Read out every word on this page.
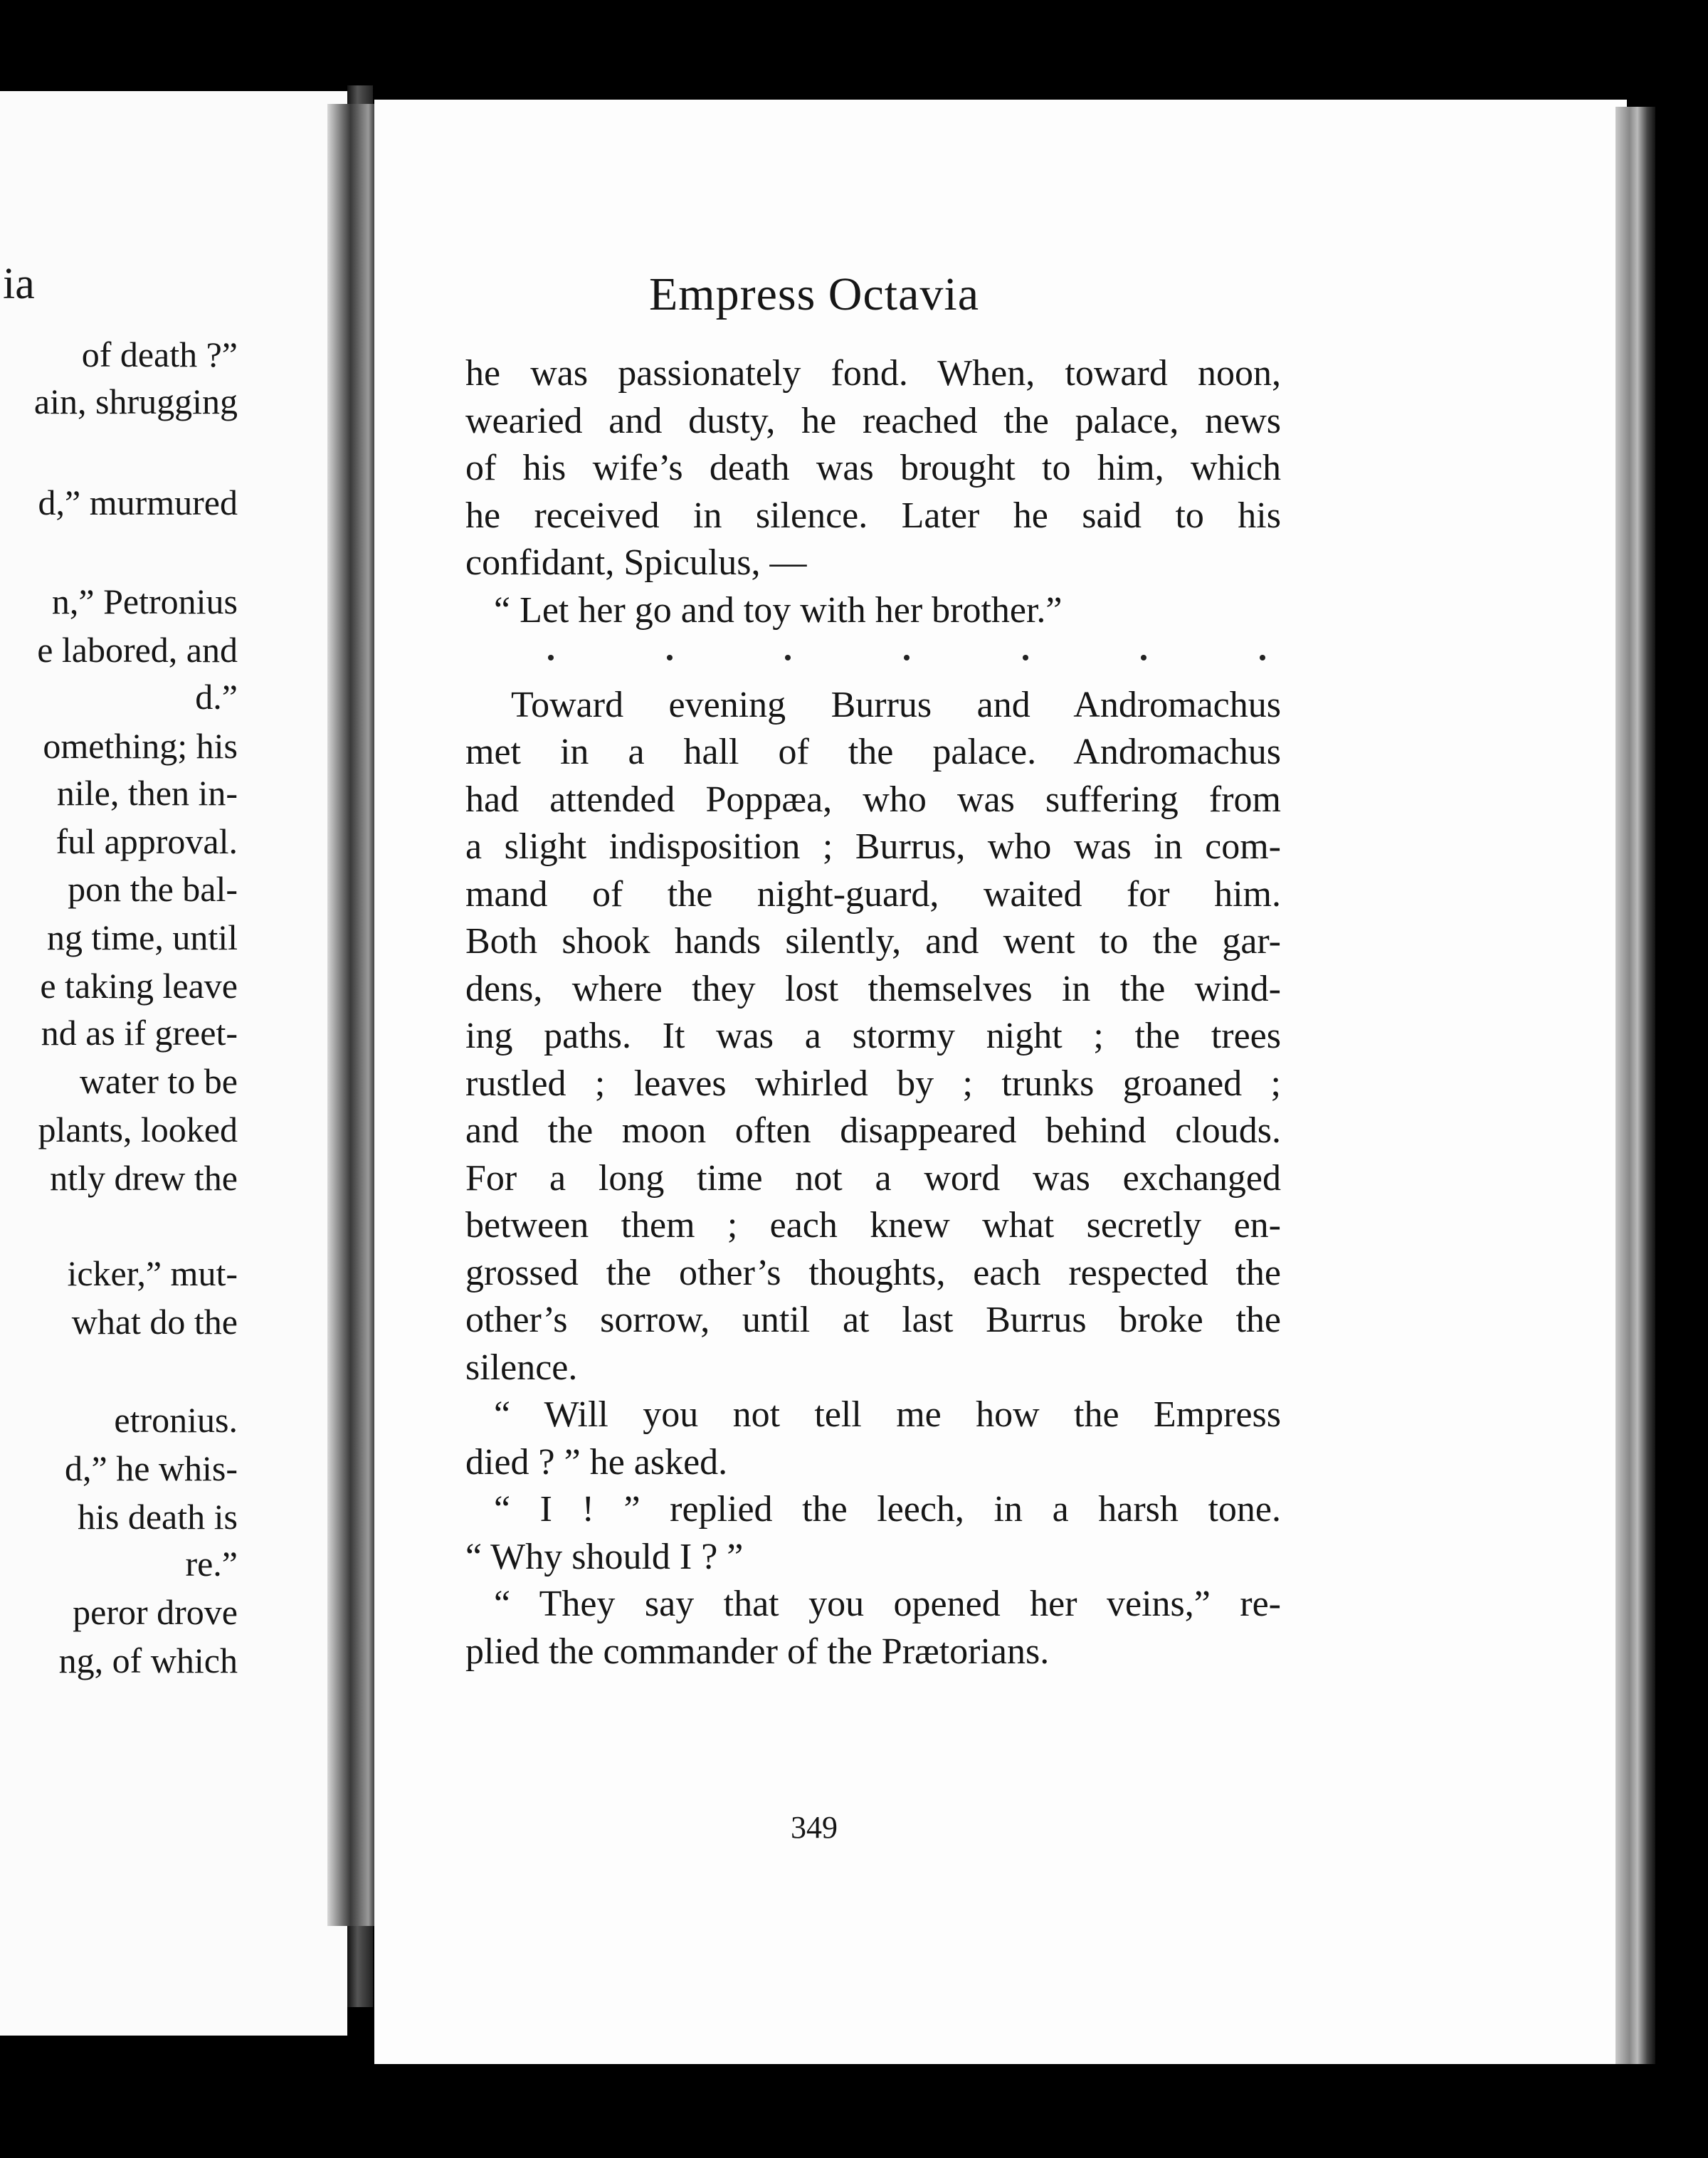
ia
of death ?”
ain, shrugging
d,” murmured
n,” Petronius
e labored, and
d.”
omething; his
nile, then in-
ful approval.
pon the bal-
ng time, until
e taking leave
nd as if greet-
water to be
plants, looked
ntly drew the
icker,” mut-
what do the
etronius.
d,” he whis-
his death is
re.”
peror drove
ng, of which
Empress Octavia
he was passionately fond. When, toward noon,
wearied and dusty, he reached the palace, news
of his wife’s death was brought to him, which
he received in silence. Later he said to his
confidant, Spiculus, —
“ Let her go and toy with her brother.”
Toward evening Burrus and Andromachus
met in a hall of the palace. Andromachus
had attended Poppæa, who was suffering from
a slight indisposition ; Burrus, who was in com-
mand of the night-guard, waited for him.
Both shook hands silently, and went to the gar-
dens, where they lost themselves in the wind-
ing paths. It was a stormy night ; the trees
rustled ; leaves whirled by ; trunks groaned ;
and the moon often disappeared behind clouds.
For a long time not a word was exchanged
between them ; each knew what secretly en-
grossed the other’s thoughts, each respected the
other’s sorrow, until at last Burrus broke the
silence.
“ Will you not tell me how the Empress
died ? ” he asked.
“ I ! ” replied the leech, in a harsh tone.
“ Why should I ? ”
“ They say that you opened her veins,” re-
plied the commander of the Prætorians.
349
